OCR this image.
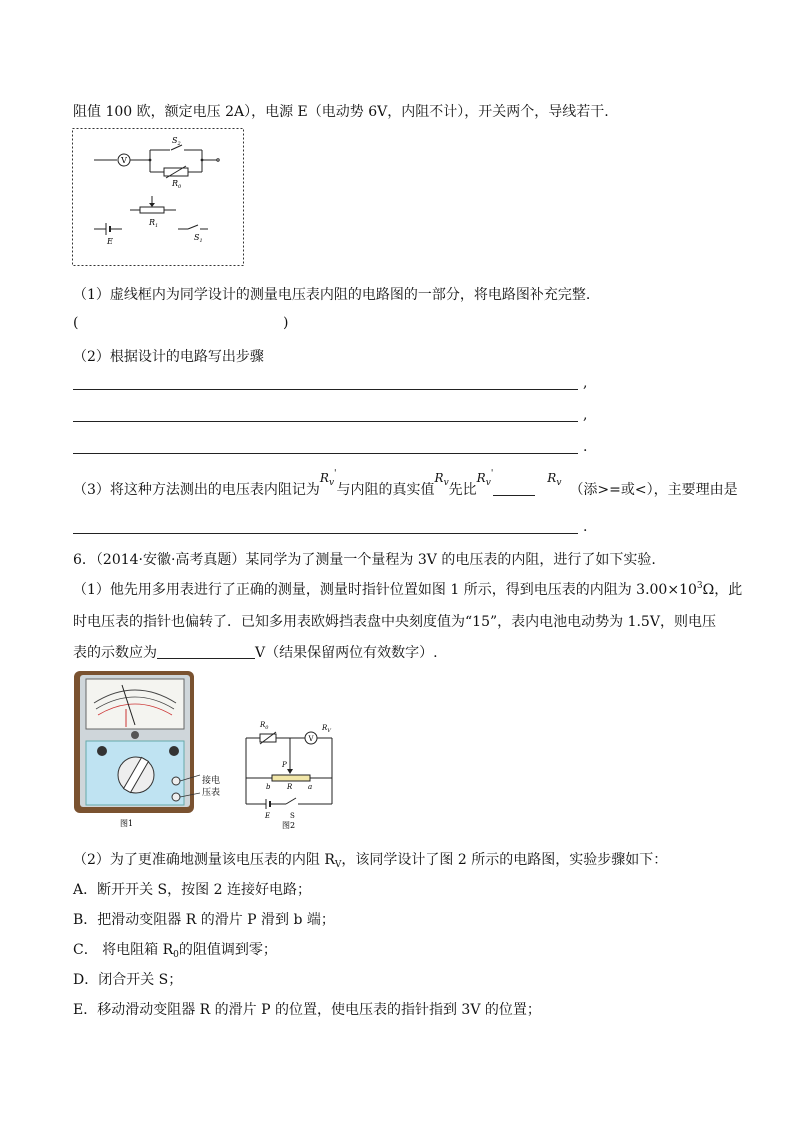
阻值 100 欧，额定电压 2A），电源 E（电动势 6V，内阻不计），开关两个，导线若干.
V
$S_2$
$R_0$
$R_1$
E	$S_1$
（1）虚线框内为同学设计的测量电压表内阻的电路图的一部分，将电路图补充完整.
(	)
（2）根据设计的电路写出步骤
,
,
.
（3）将这种方法测出的电压表内阻记为$R_v'$与内阻的真实值$R_v$先比$R_v'$	$R_v$ （添>=或<），主要理由是
.
6．（2014·安徽·高考真题）某同学为了测量一个量程为 3V 的电压表的内阻，进行了如下实验.
（1）他先用多用表进行了正确的测量，测量时指针位置如图 1 所示，得到电压表的内阻为 $3.00\times 10^3\Omega$，此
时电压表的指针也偏转了．已知多用表欧姆挡表盘中央刻度值为“15”，表内电池电动势为 1.5V，则电压
表的示数应为	V（结果保留两位有效数字）.
接电
压表
图1
$R_0$
V
$R_V$
P
b R a
E	S
图2
（2）为了更准确地测量该电压表的内阻 $R_V$，该同学设计了图 2 所示的电路图，实验步骤如下：
A．断开开关 S，按图 2 连接好电路；
B．把滑动变阻器 R 的滑片 P 滑到 b 端；
C． 将电阻箱 $R_0$的阻值调到零；
D．闭合开关 S；
E．移动滑动变阻器 R 的滑片 P 的位置，使电压表的指针指到 3V 的位置；
